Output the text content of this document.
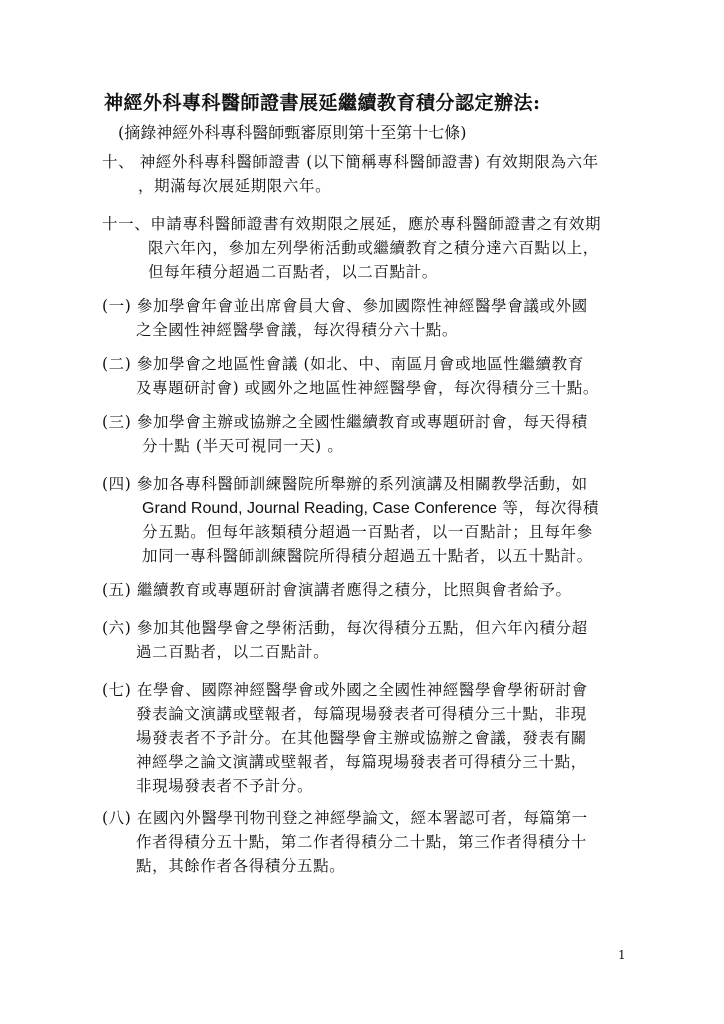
神經外科專科醫師證書展延繼續教育積分認定辦法:
(摘錄神經外科專科醫師甄審原則第十至第十七條)
十、 神經外科專科醫師證書 (以下簡稱專科醫師證書) 有效期限為六年
，期滿每次展延期限六年。
十一、申請專科醫師證書有效期限之展延，應於專科醫師證書之有效期
限六年內，參加左列學術活動或繼續教育之積分達六百點以上，
但每年積分超過二百點者，以二百點計。
(一) 參加學會年會並出席會員大會、參加國際性神經醫學會議或外國
之全國性神經醫學會議，每次得積分六十點。
(二) 參加學會之地區性會議 (如北、中、南區月會或地區性繼續教育
及專題研討會) 或國外之地區性神經醫學會，每次得積分三十點。
(三) 參加學會主辦或協辦之全國性繼續教育或專題研討會，每天得積
分十點 (半天可視同一天) 。
(四) 參加各專科醫師訓練醫院所舉辦的系列演講及相關教學活動，如
Grand Round, Journal Reading, Case Conference 等，每次得積
分五點。但每年該類積分超過一百點者，以一百點計；且每年參
加同一專科醫師訓練醫院所得積分超過五十點者，以五十點計。
(五) 繼續教育或專題研討會演講者應得之積分，比照與會者給予。
(六) 參加其他醫學會之學術活動，每次得積分五點，但六年內積分超
過二百點者，以二百點計。
(七) 在學會、國際神經醫學會或外國之全國性神經醫學會學術研討會
發表論文演講或壁報者，每篇現場發表者可得積分三十點，非現
場發表者不予計分。在其他醫學會主辦或協辦之會議，發表有關
神經學之論文演講或壁報者，每篇現場發表者可得積分三十點，
非現場發表者不予計分。
(八) 在國內外醫學刊物刊登之神經學論文，經本署認可者，每篇第一
作者得積分五十點，第二作者得積分二十點，第三作者得積分十
點，其餘作者各得積分五點。
1
